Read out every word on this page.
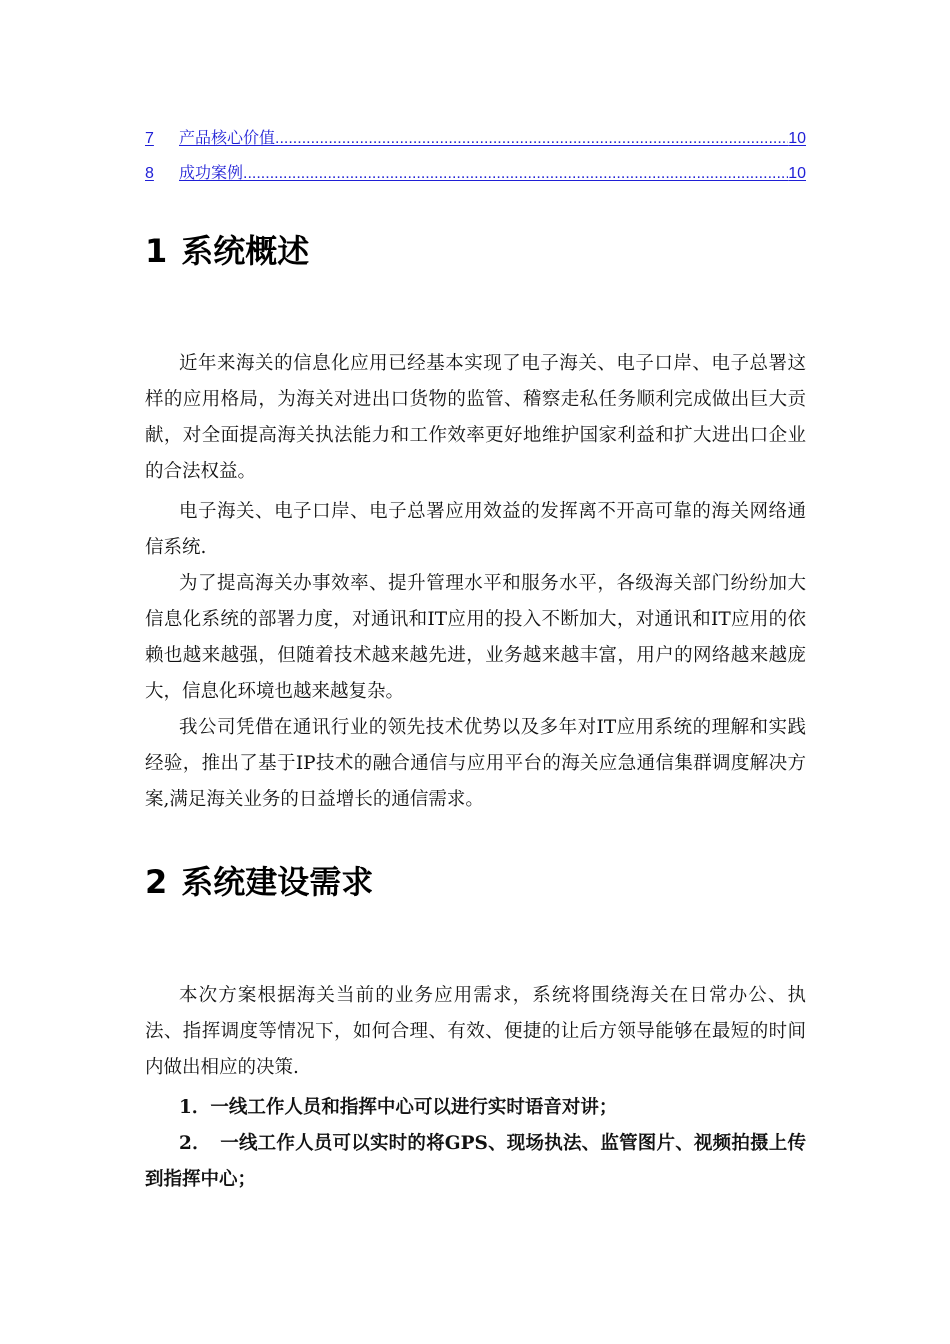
7	产品核心价值 .....	10
8	成功案例 .....	10
1 系统概述

近年来海关的信息化应用已经基本实现了电子海关、电子口岸、电子总署这样的应用格局，为海关对进出口货物的监管、稽察走私任务顺利完成做出巨大贡献，对全面提高海关执法能力和工作效率更好地维护国家利益和扩大进出口企业的合法权益。

电子海关、电子口岸、电子总署应用效益的发挥离不开高可靠的海关网络通信系统.

为了提高海关办事效率、提升管理水平和服务水平，各级海关部门纷纷加大信息化系统的部署力度，对通讯和IT应用的投入不断加大，对通讯和IT应用的依赖也越来越强，但随着技术越来越先进，业务越来越丰富，用户的网络越来越庞大，信息化环境也越来越复杂。

我公司凭借在通讯行业的领先技术优势以及多年对IT应用系统的理解和实践经验，推出了基于IP技术的融合通信与应用平台的海关应急通信集群调度解决方案,满足海关业务的日益增长的通信需求。

2 系统建设需求

本次方案根据海关当前的业务应用需求，系统将围绕海关在日常办公、执法、指挥调度等情况下，如何合理、有效、便捷的让后方领导能够在最短的时间内做出相应的决策.

1．一线工作人员和指挥中心可以进行实时语音对讲；

2．　一线工作人员可以实时的将GPS、现场执法、监管图片、视频拍摄上传到指挥中心；
